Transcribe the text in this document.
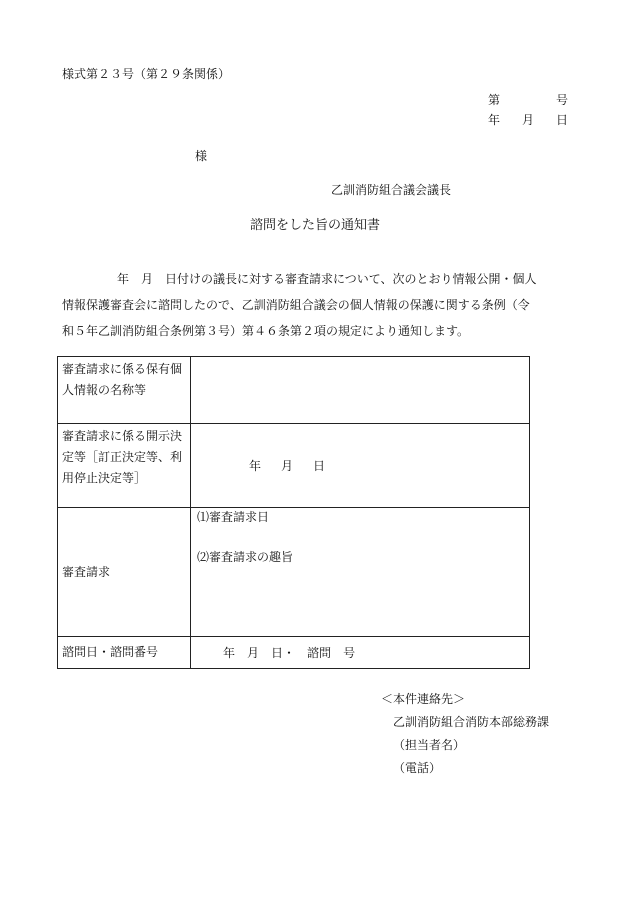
様式第２３号（第２９条関係）
第	号
年 月 日
様
乙訓消防組合議会議長
諮問をした旨の通知書

年　月　日付けの議長に対する審査請求について、次のとおり情報公開・個人

情報保護審査会に諮問したので、乙訓消防組合議会の個人情報の保護に関する条例（令

和５年乙訓消防組合条例第３号）第４６条第２項の規定により通知します。

審査請求に係る保有個人情報の名称等	
審査請求に係る開示決定等［訂正決定等、利用停止決定等］	年 月 日
審査請求	⑴審査請求日
⑵審査請求の趣旨

諮問日・諮問番号	年 月 日・ 諮問 号
＜本件連絡先＞
乙訓消防組合消防本部総務課
（担当者名）
（電話）
